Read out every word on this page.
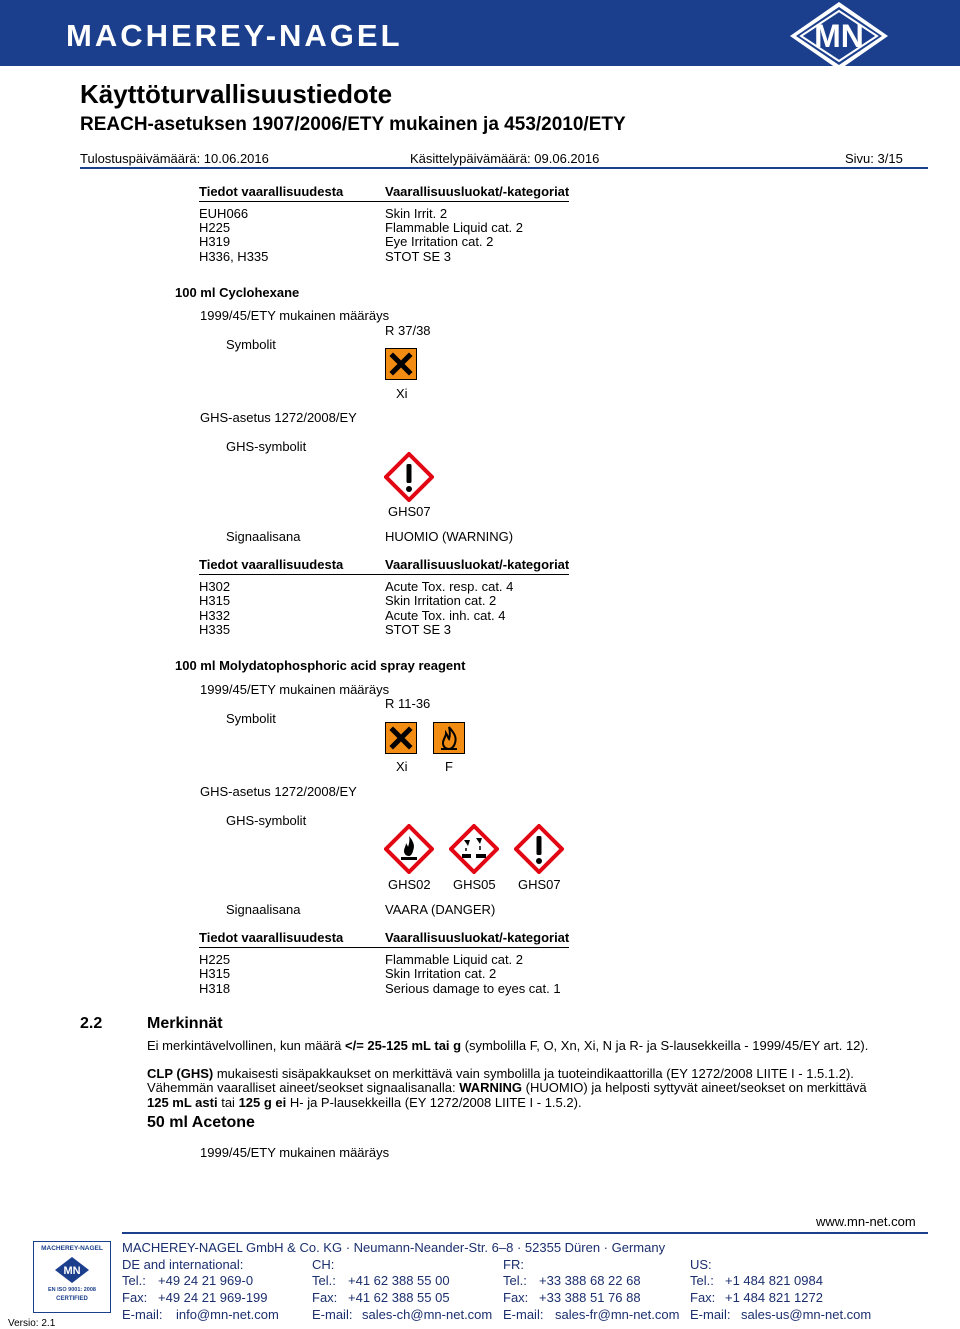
MACHEREY-NAGEL	MN
Käyttöturvallisuustiedote
REACH-asetuksen 1907/2006/ETY mukainen ja 453/2010/ETY
Tulostuspäivämäärä: 10.06.2016	Käsittelypäivämäärä: 09.06.2016	Sivu: 3/15
Tiedot vaarallisuudesta	Vaarallisuusluokat/-kategoriat
EUH066	Skin Irrit. 2
H225	Flammable Liquid cat. 2
H319	Eye Irritation cat. 2
H336, H335	STOT SE 3
100 ml Cyclohexane
1999/45/ETY mukainen määräys
R 37/38
Symbolit
Xi
GHS-asetus 1272/2008/EY
GHS-symbolit
GHS07
Signaalisana	HUOMIO (WARNING)
Tiedot vaarallisuudesta	Vaarallisuusluokat/-kategoriat
H302	Acute Tox. resp. cat. 4
H315	Skin Irritation cat. 2
H332	Acute Tox. inh. cat. 4
H335	STOT SE 3
100 ml Molydatophosphoric acid spray reagent
1999/45/ETY mukainen määräys
R 11-36
Symbolit
Xi	F
GHS-asetus 1272/2008/EY
GHS-symbolit
GHS02 GHS05 GHS07
Signaalisana	VAARA (DANGER)
Tiedot vaarallisuudesta	Vaarallisuusluokat/-kategoriat
H225	Flammable Liquid cat. 2
H315	Skin Irritation cat. 2
H318	Serious damage to eyes cat. 1
2.2	Merkinnät
Ei merkintävelvollinen, kun määrä </= 25-125 mL tai g (symbolilla F, O, Xn, Xi, N ja R- ja S-lausekkeilla - 1999/45/EY art. 12).
CLP (GHS) mukaisesti sisäpakkaukset on merkittävä vain symbolilla ja tuoteindikaattorilla (EY 1272/2008 LIITE I - 1.5.1.2).
Vähemmän vaaralliset aineet/seokset signaalisanalla: WARNING (HUOMIO) ja helposti syttyvät aineet/seokset on merkittävä
125 mL asti tai 125 g ei H- ja P-lausekkeilla (EY 1272/2008 LIITE I - 1.5.2).
50 ml Acetone
1999/45/ETY mukainen määräys
www.mn-net.com
MACHEREY-NAGEL
MN
EN ISO 9001: 2008
CERTIFIED
MACHEREY-NAGEL GmbH & Co. KG · Neumann-Neander-Str. 6–8 · 52355 Düren · Germany
DE and international:	CH:	FR:	US:
Tel.: +49 24 21 969-0	Tel.: +41 62 388 55 00	Tel.: +33 388 68 22 68	Tel.: +1 484 821 0984
Fax: +49 24 21 969-199	Fax: +41 62 388 55 05	Fax: +33 388 51 76 88	Fax: +1 484 821 1272
E-mail: info@mn-net.com	E-mail: sales-ch@mn-net.com E-mail: sales-fr@mn-net.com E-mail: sales-us@mn-net.com
Versio: 2.1
